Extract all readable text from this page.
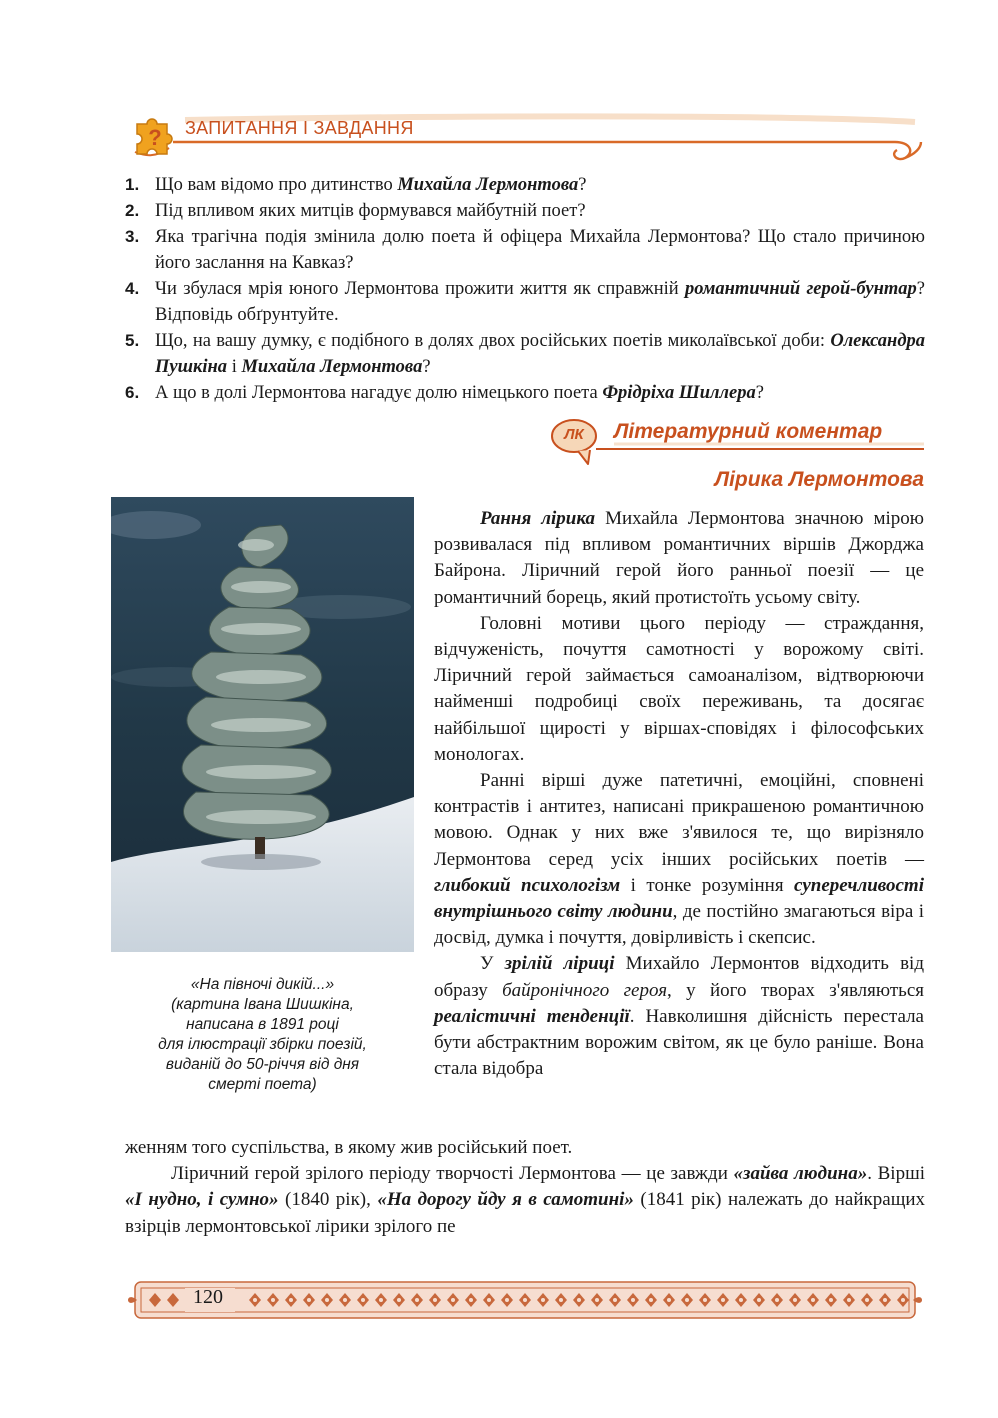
? ЗАПИТАННЯ І ЗАВДАННЯ
1. Що вам відомо про дитинство Михайла Лермонтова?
2. Під впливом яких митців формувався майбутній поет?
3. Яка трагічна подія змінила долю поета й офіцера Михайла Лермонтова? Що стало причиною його заслання на Кавказ?
4. Чи збулася мрія юного Лермонтова прожити життя як справжній романтичний герой-бунтар? Відповідь обґрунтуйте.
5. Що, на вашу думку, є подібного в долях двох російських поетів миколаївської доби: Олександра Пушкіна і Михайла Лермонтова?
6. А що в долі Лермонтова нагадує долю німецького поета Фрідріха Шиллера?
ЛК	Літературний коментар
Лірика Лермонтова
«На півночі дикій...»
(картина Івана Шишкіна,
написана в 1891 році
для ілюстрації збірки поезій,
виданій до 50-річчя від дня
смерті поета)

Рання лірика Михайла Лермонтова значною мірою розвивалася під впливом романтичних віршів Джорджа Байрона. Ліричний герой його ранньої поезії — це романтичний борець, який протистоїть усьому світу.

Головні мотиви цього періоду — страждання, відчуженість, почуття самотності у ворожому світі. Ліричний герой займається самоаналізом, відтворюючи найменші подробиці своїх переживань, та досягає найбільшої щирості у віршах-сповідях і філософських монологах.

Ранні вірші дуже патетичні, емоційні, сповнені контрастів і антитез, написані прикрашеною романтичною мовою. Однак у них вже з'явилося те, що вирізняло Лермонтова серед усіх інших російських поетів — глибокий психологізм і тонке розуміння суперечливості внутрішнього світу людини, де постійно змагаються віра і досвід, думка і почуття, довірливість і скепсис.

У зрілій ліриці Михайло Лермонтов відходить від образу байронічного героя, у його творах з'являються реалістичні тенденції. Навколишня дійсність перестала бути абстрактним ворожим світом, як це було раніше. Вона стала відобра

женням того суспільства, в якому жив російський поет.

Ліричний герой зрілого періоду творчості Лермонтова — це завжди «зайва людина». Вірші «І нудно, і сумно» (1840 рік), «На дорогу йду я в самотині» (1841 рік) належать до найкращих взірців лермонтовської лірики зрілого пе

120
